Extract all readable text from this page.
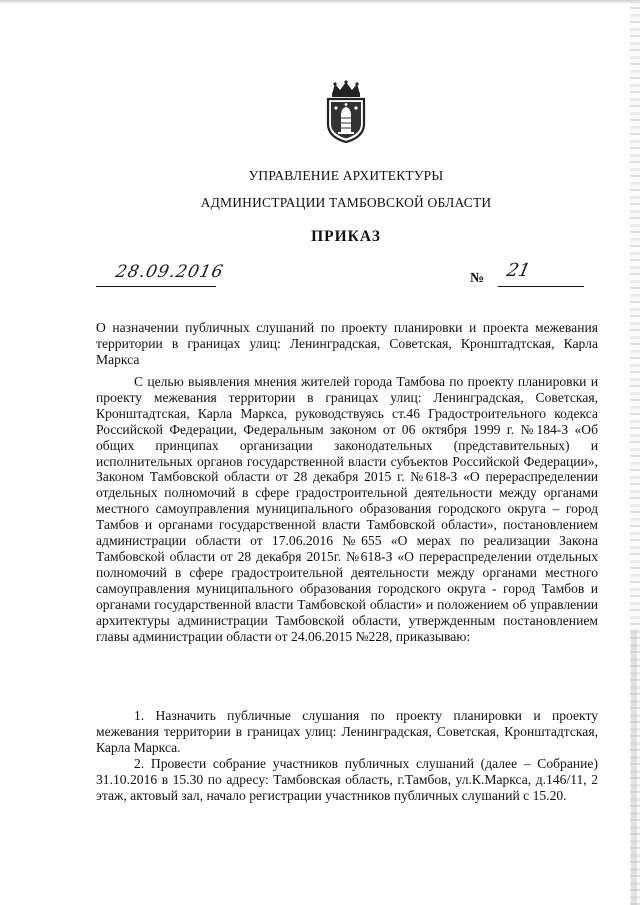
УПРАВЛЕНИЕ АРХИТЕКТУРЫ
АДМИНИСТРАЦИИ ТАМБОВСКОЙ ОБЛАСТИ
ПРИКАЗ
28.09.2016	№ 21
О назначении публичных слушаний по проекту планировки и проекта межевания территории в границах улиц: Ленинградская, Советская, Кронштадтская, Карла Маркса
С целью выявления мнения жителей города Тамбова по проекту планировки и проекту межевания территории в границах улиц: Ленинградская, Советская, Кронштадтская, Карла Маркса, руководствуясь ст.46 Градостроительного кодекса Российской Федерации, Федеральным законом от 06 октября 1999 г. №184-З «Об общих принципах организации законодательных (представительных) и исполнительных органов государственной власти субъектов Российской Федерации», Законом Тамбовской области от 28 декабря 2015 г. №618-З «О перераспределении отдельных полномочий в сфере градостроительной деятельности между органами местного самоуправления муниципального образования городского округа – город Тамбов и органами государственной власти Тамбовской области», постановлением администрации области от 17.06.2016 №655 «О мерах по реализации Закона Тамбовской области от 28 декабря 2015г. №618-З «О перераспределении отдельных полномочий в сфере градостроительной деятельности между органами местного самоуправления муниципального образования городского округа - город Тамбов и органами государственной власти Тамбовской области» и положением об управлении архитектуры администрации Тамбовской области, утвержденным постановлением главы администрации области от 24.06.2015 №228, приказываю:
1. Назначить публичные слушания по проекту планировки и проекту межевания территории в границах улиц: Ленинградская, Советская, Кронштадтская, Карла Маркса.
2. Провести собрание участников публичных слушаний (далее – Собрание) 31.10.2016 в 15.30 по адресу: Тамбовская область, г.Тамбов, ул.К.Маркса, д.146/11, 2 этаж, актовый зал, начало регистрации участников публичных слушаний с 15.20.
